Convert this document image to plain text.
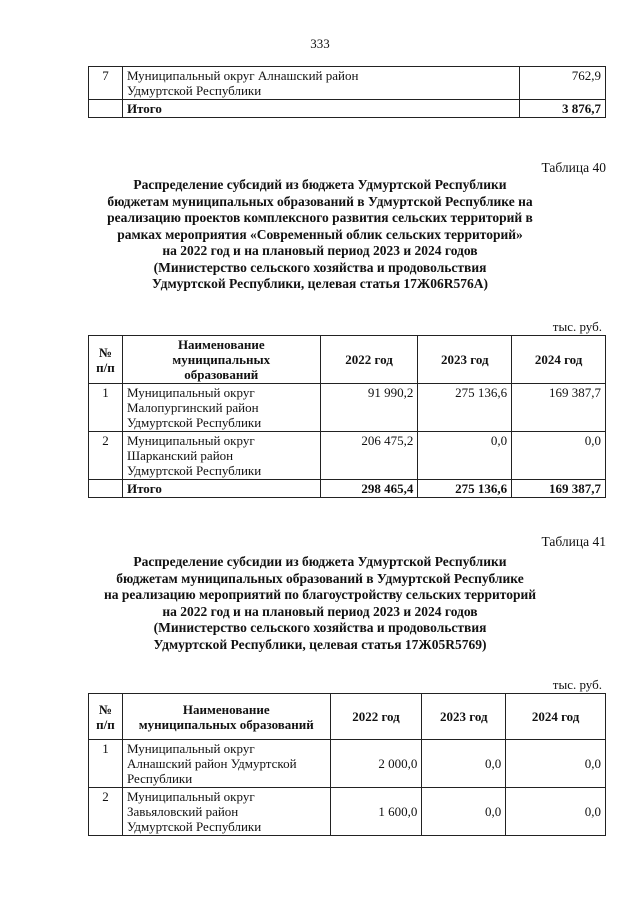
333
7	Муниципальный округ Алнашский район
Удмуртской Республики	762,9
	Итого	3 876,7
Таблица 40
Распределение субсидий из бюджета Удмуртской Республики
бюджетам муниципальных образований в Удмуртской Республике на
реализацию проектов комплексного развития сельских территорий в
рамках мероприятия «Современный облик сельских территорий»
на 2022 год и на плановый период 2023 и 2024 годов
(Министерство сельского хозяйства и продовольствия
Удмуртской Республики, целевая статья 17Ж06R576А)
тыс. руб.
№
п/п	Наименование
муниципальных
образований	2022 год	2023 год	2024 год
1	Муниципальный округ
Малопургинский район
Удмуртской Республики	91 990,2	275 136,6	169 387,7
2	Муниципальный округ
Шарканский район
Удмуртской Республики	206 475,2	0,0	0,0
	Итого	298 465,4	275 136,6	169 387,7
Таблица 41
Распределение субсидии из бюджета Удмуртской Республики
бюджетам муниципальных образований в Удмуртской Республике
на реализацию мероприятий по благоустройству сельских территорий
на 2022 год и на плановый период 2023 и 2024 годов
(Министерство сельского хозяйства и продовольствия
Удмуртской Республики, целевая статья 17Ж05R5769)
тыс. руб.
№
п/п	Наименование
муниципальных образований	2022 год	2023 год	2024 год
1	Муниципальный округ
Алнашский район Удмуртской
Республики	2 000,0	0,0	0,0
2	Муниципальный округ
Завьяловский район
Удмуртской Республики	1 600,0	0,0	0,0
